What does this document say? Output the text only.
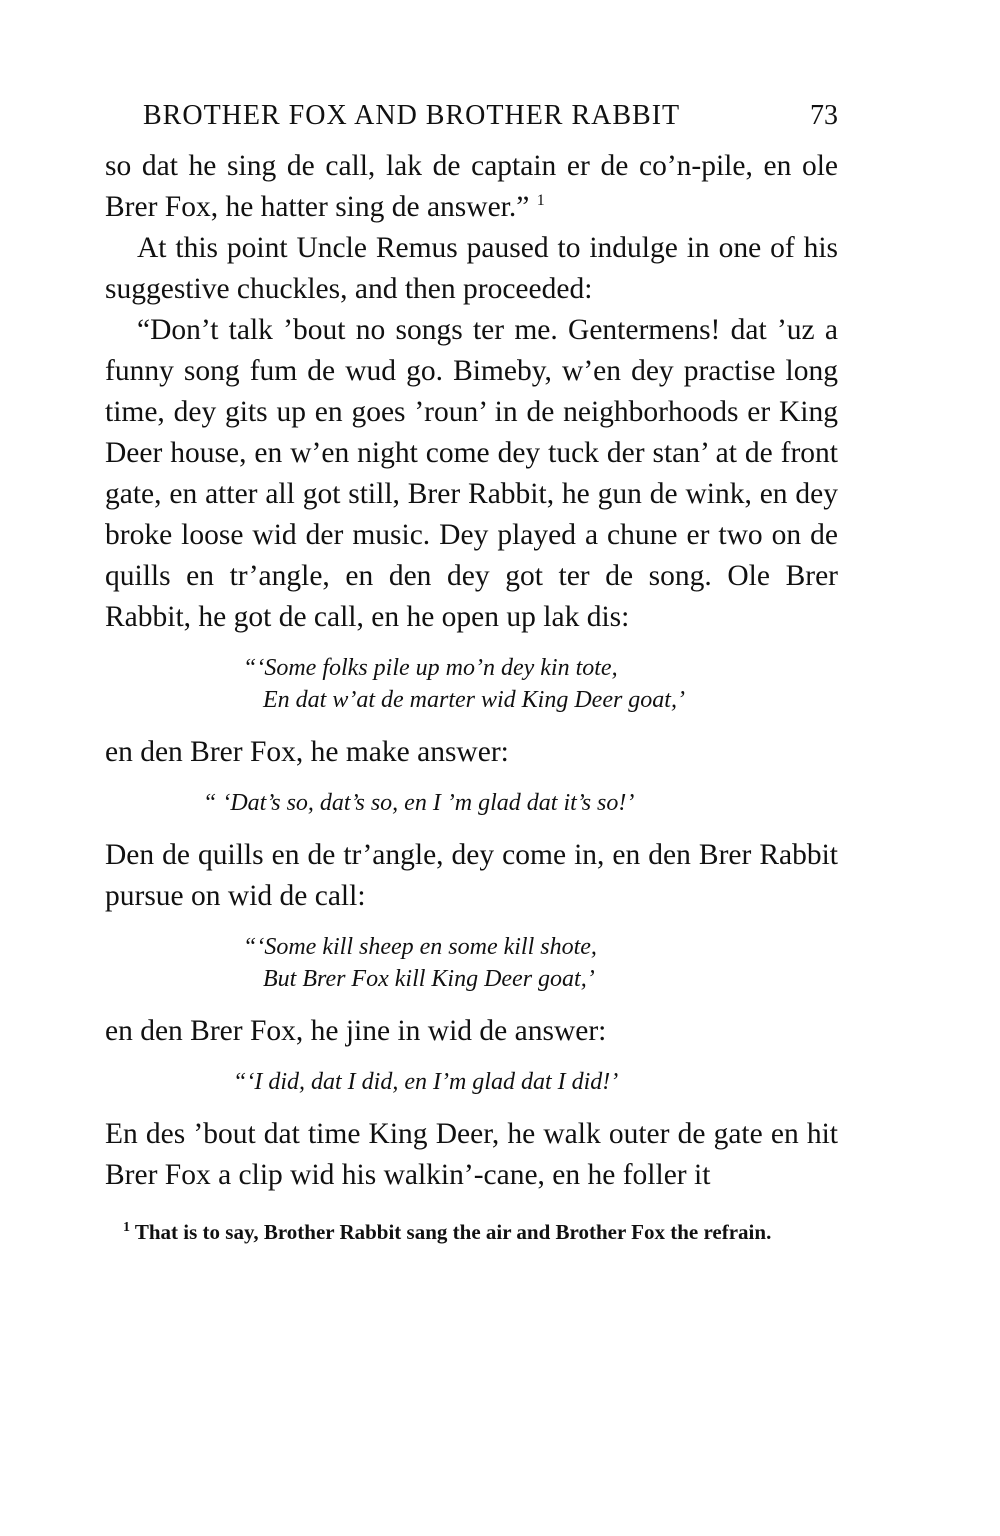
BROTHER FOX AND BROTHER RABBIT	73

so dat he sing de call, lak de captain er de co’n-pile, en ole Brer Fox, he hatter sing de answer.” $^1$

At this point Uncle Remus paused to indulge in one of his suggestive chuckles, and then proceeded:

“Don’t talk ’bout no songs ter me. Gentermens! dat ’uz a funny song fum de wud go. Bimeby, w’en dey practise long time, dey gits up en goes ’roun’ in de neighborhoods er King Deer house, en w’en night come dey tuck der stan’ at de front gate, en atter all got still, Brer Rabbit, he gun de wink, en dey broke loose wid der music. Dey played a chune er two on de quills en tr’angle, en den dey got ter de song. Ole Brer Rabbit, he got de call, en he open up lak dis:

“‘Some folks pile up mo’n dey kin tote,
En dat w’at de marter wid King Deer goat,’

en den Brer Fox, he make answer:

“ ‘Dat’s so, dat’s so, en I ’m glad dat it’s so!’

Den de quills en de tr’angle, dey come in, en den Brer Rabbit pursue on wid de call:

“‘Some kill sheep en some kill shote,
But Brer Fox kill King Deer goat,’

en den Brer Fox, he jine in wid de answer:

“‘I did, dat I did, en I’m glad dat I did!’

En des ’bout dat time King Deer, he walk outer de gate en hit Brer Fox a clip wid his walkin’-cane, en he foller it

$^1$ That is to say, Brother Rabbit sang the air and Brother Fox the refrain.
